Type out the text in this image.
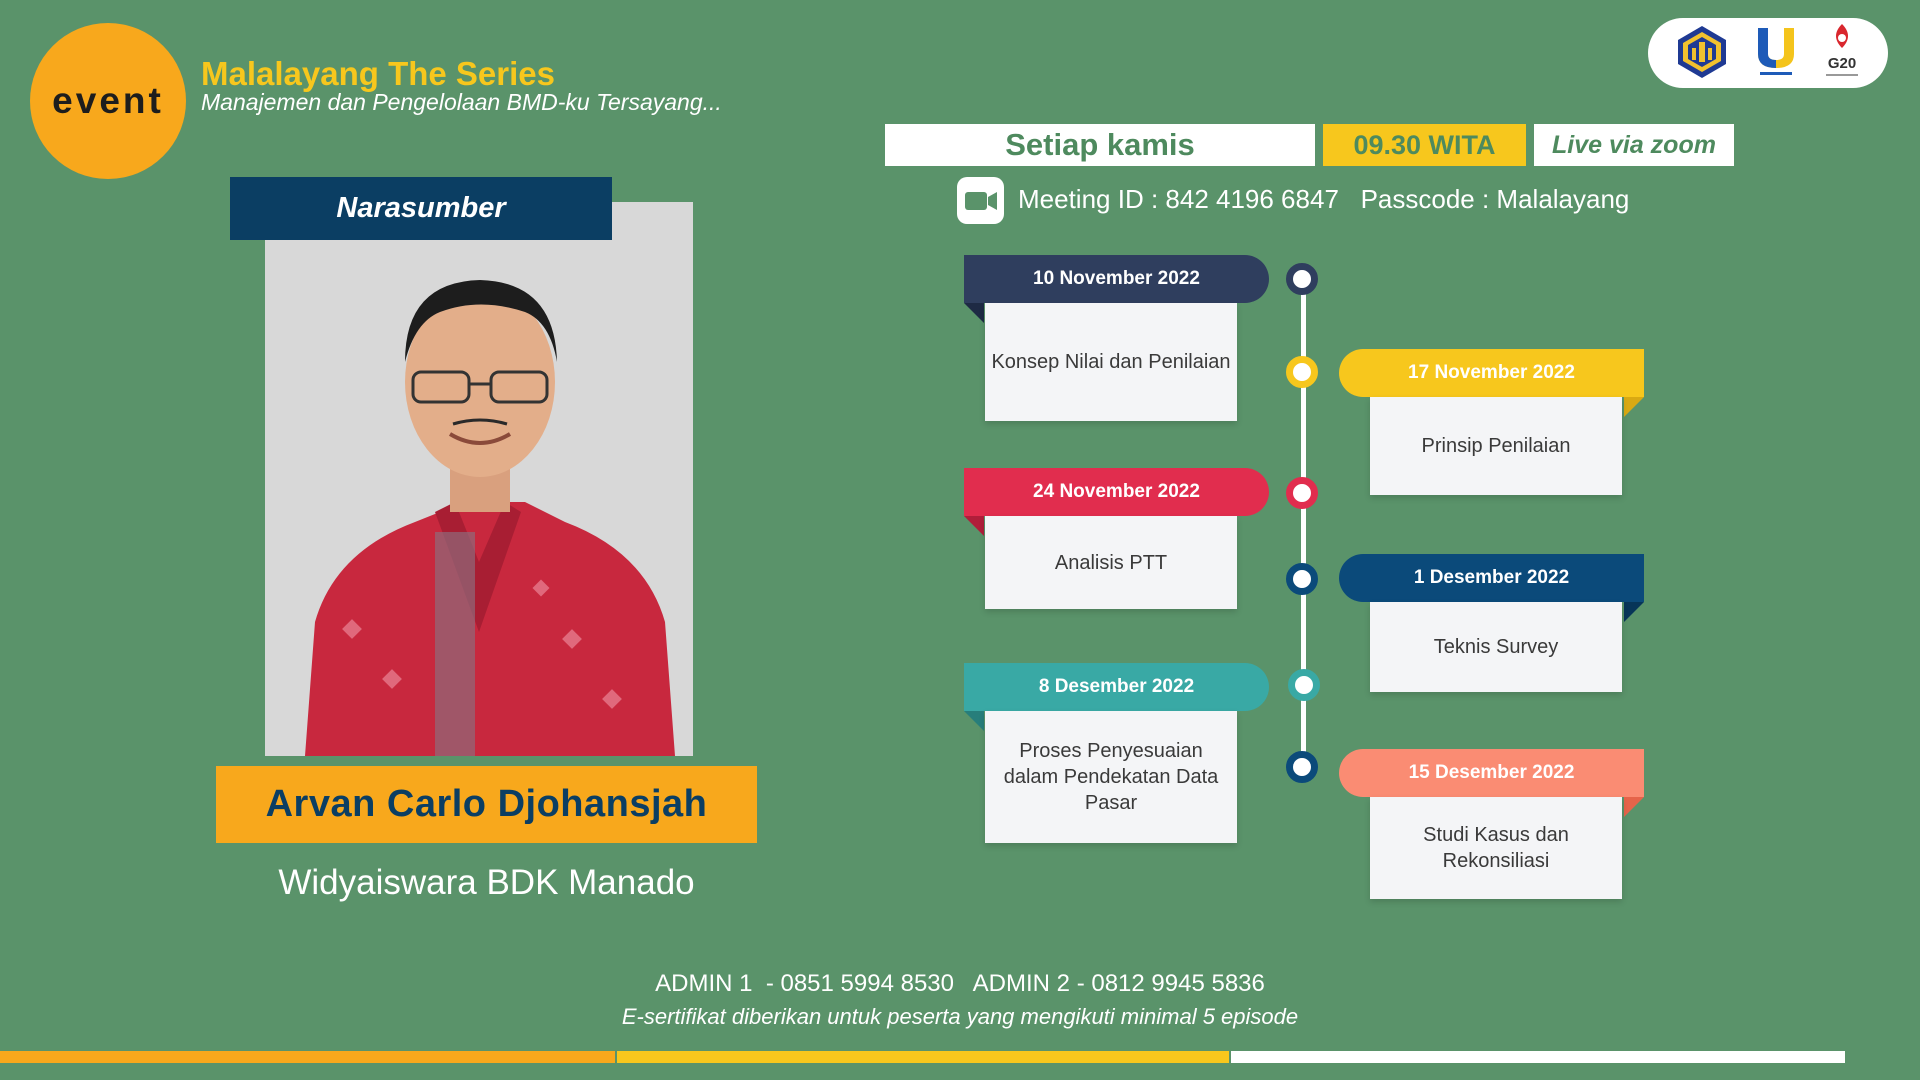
event
Malalayang The Series
Manajemen dan Pengelolaan BMD-ku Tersayang...
G20
Narasumber
Arvan Carlo Djohansjah
Widyaiswara BDK Manado
Setiap kamis	09.30 WITA	Live via zoom
Meeting ID : 842 4196 6847   Passcode : Malalayang
10 November 2022
Konsep Nilai dan Penilaian	17 November 2022
Prinsip Penilaian
24 November 2022
Analisis PTT
1 Desember 2022
Teknis Survey
8 Desember 2022
Proses Penyesuaian dalam Pendekatan Data Pasar
15 Desember 2022
Studi Kasus dan Rekonsiliasi
ADMIN 1  - 0851 5994 8530   ADMIN 2 - 0812 9945 5836
E-sertifikat diberikan untuk peserta yang mengikuti minimal 5 episode
